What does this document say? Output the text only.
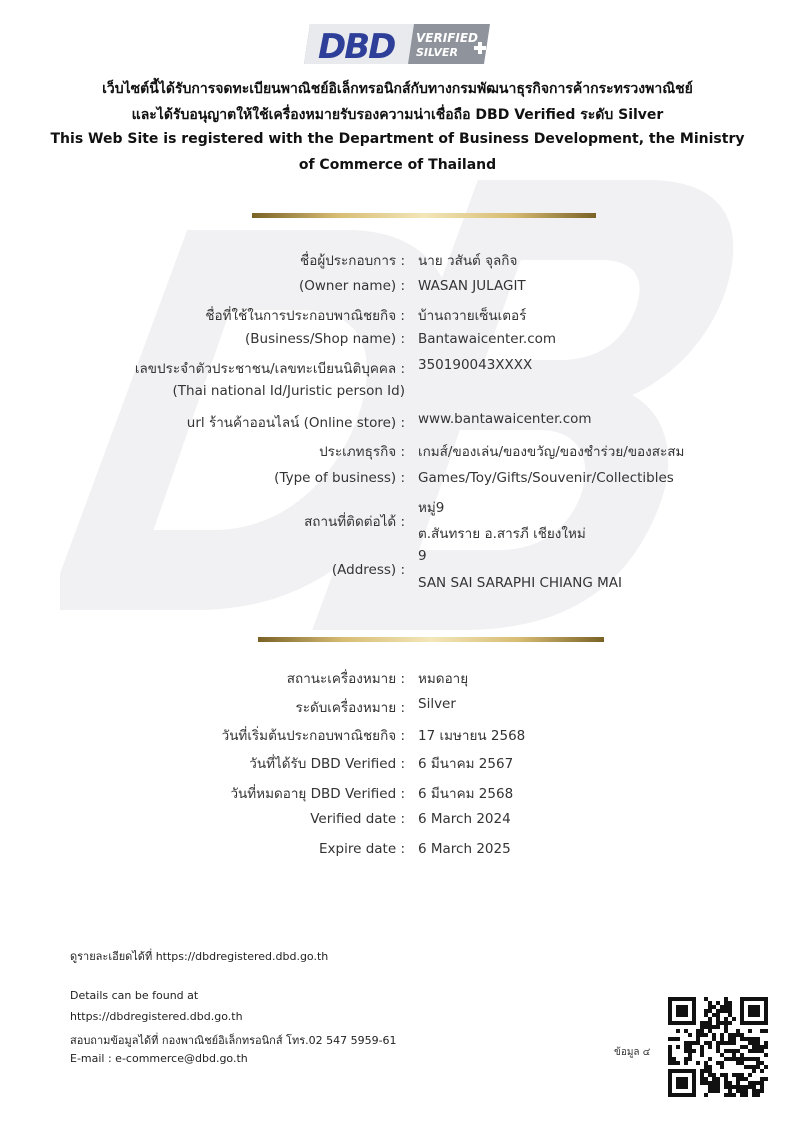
DBD VERIFIED
SILVER
เว็บไซต์นี้ได้รับการจดทะเบียนพาณิชย์อิเล็กทรอนิกส์กับทางกรมพัฒนาธุรกิจการค้ากระทรวงพาณิชย์
และได้รับอนุญาตให้ใช้เครื่องหมายรับรองความน่าเชื่อถือ DBD Verified ระดับ Silver
This Web Site is registered with the Department of Business Development, the Ministry
of Commerce of Thailand
ชื่อผู้ประกอบการ : นาย วสันต์ จุลกิจ
(Owner name) : WASAN JULAGIT
ชื่อที่ใช้ในการประกอบพาณิชยกิจ : บ้านถวายเซ็นเตอร์
(Business/Shop name) : Bantawaicenter.com
เลขประจำตัวประชาชน/เลขทะเบียนนิติบุคคล : 350190043XXXX
(Thai national Id/Juristic person Id)
url ร้านค้าออนไลน์ (Online store) : www.bantawaicenter.com
ประเภทธุรกิจ : เกมส์/ของเล่น/ของขวัญ/ของชำร่วย/ของสะสม
(Type of business) : Games/Toy/Gifts/Souvenir/Collectibles
หมู่9
สถานที่ติดต่อได้ :
ต.สันทราย อ.สารภี เชียงใหม่
9
(Address) :
SAN SAI SARAPHI CHIANG MAI
สถานะเครื่องหมาย : หมดอายุ
ระดับเครื่องหมาย : Silver
วันที่เริ่มต้นประกอบพาณิชยกิจ : 17 เมษายน 2568
วันที่ได้รับ DBD Verified : 6 มีนาคม 2567
วันที่หมดอายุ DBD Verified : 6 มีนาคม 2568
Verified date : 6 March 2024
Expire date : 6 March 2025
ดูรายละเอียดได้ที่ https://dbdregistered.dbd.go.th
Details can be found at
https://dbdregistered.dbd.go.th
สอบถามข้อมูลได้ที่ กองพาณิชย์อิเล็กทรอนิกส์ โทร.02 547 5959-61
E-mail : e-commerce@dbd.go.th	ข้อมูล ๔
